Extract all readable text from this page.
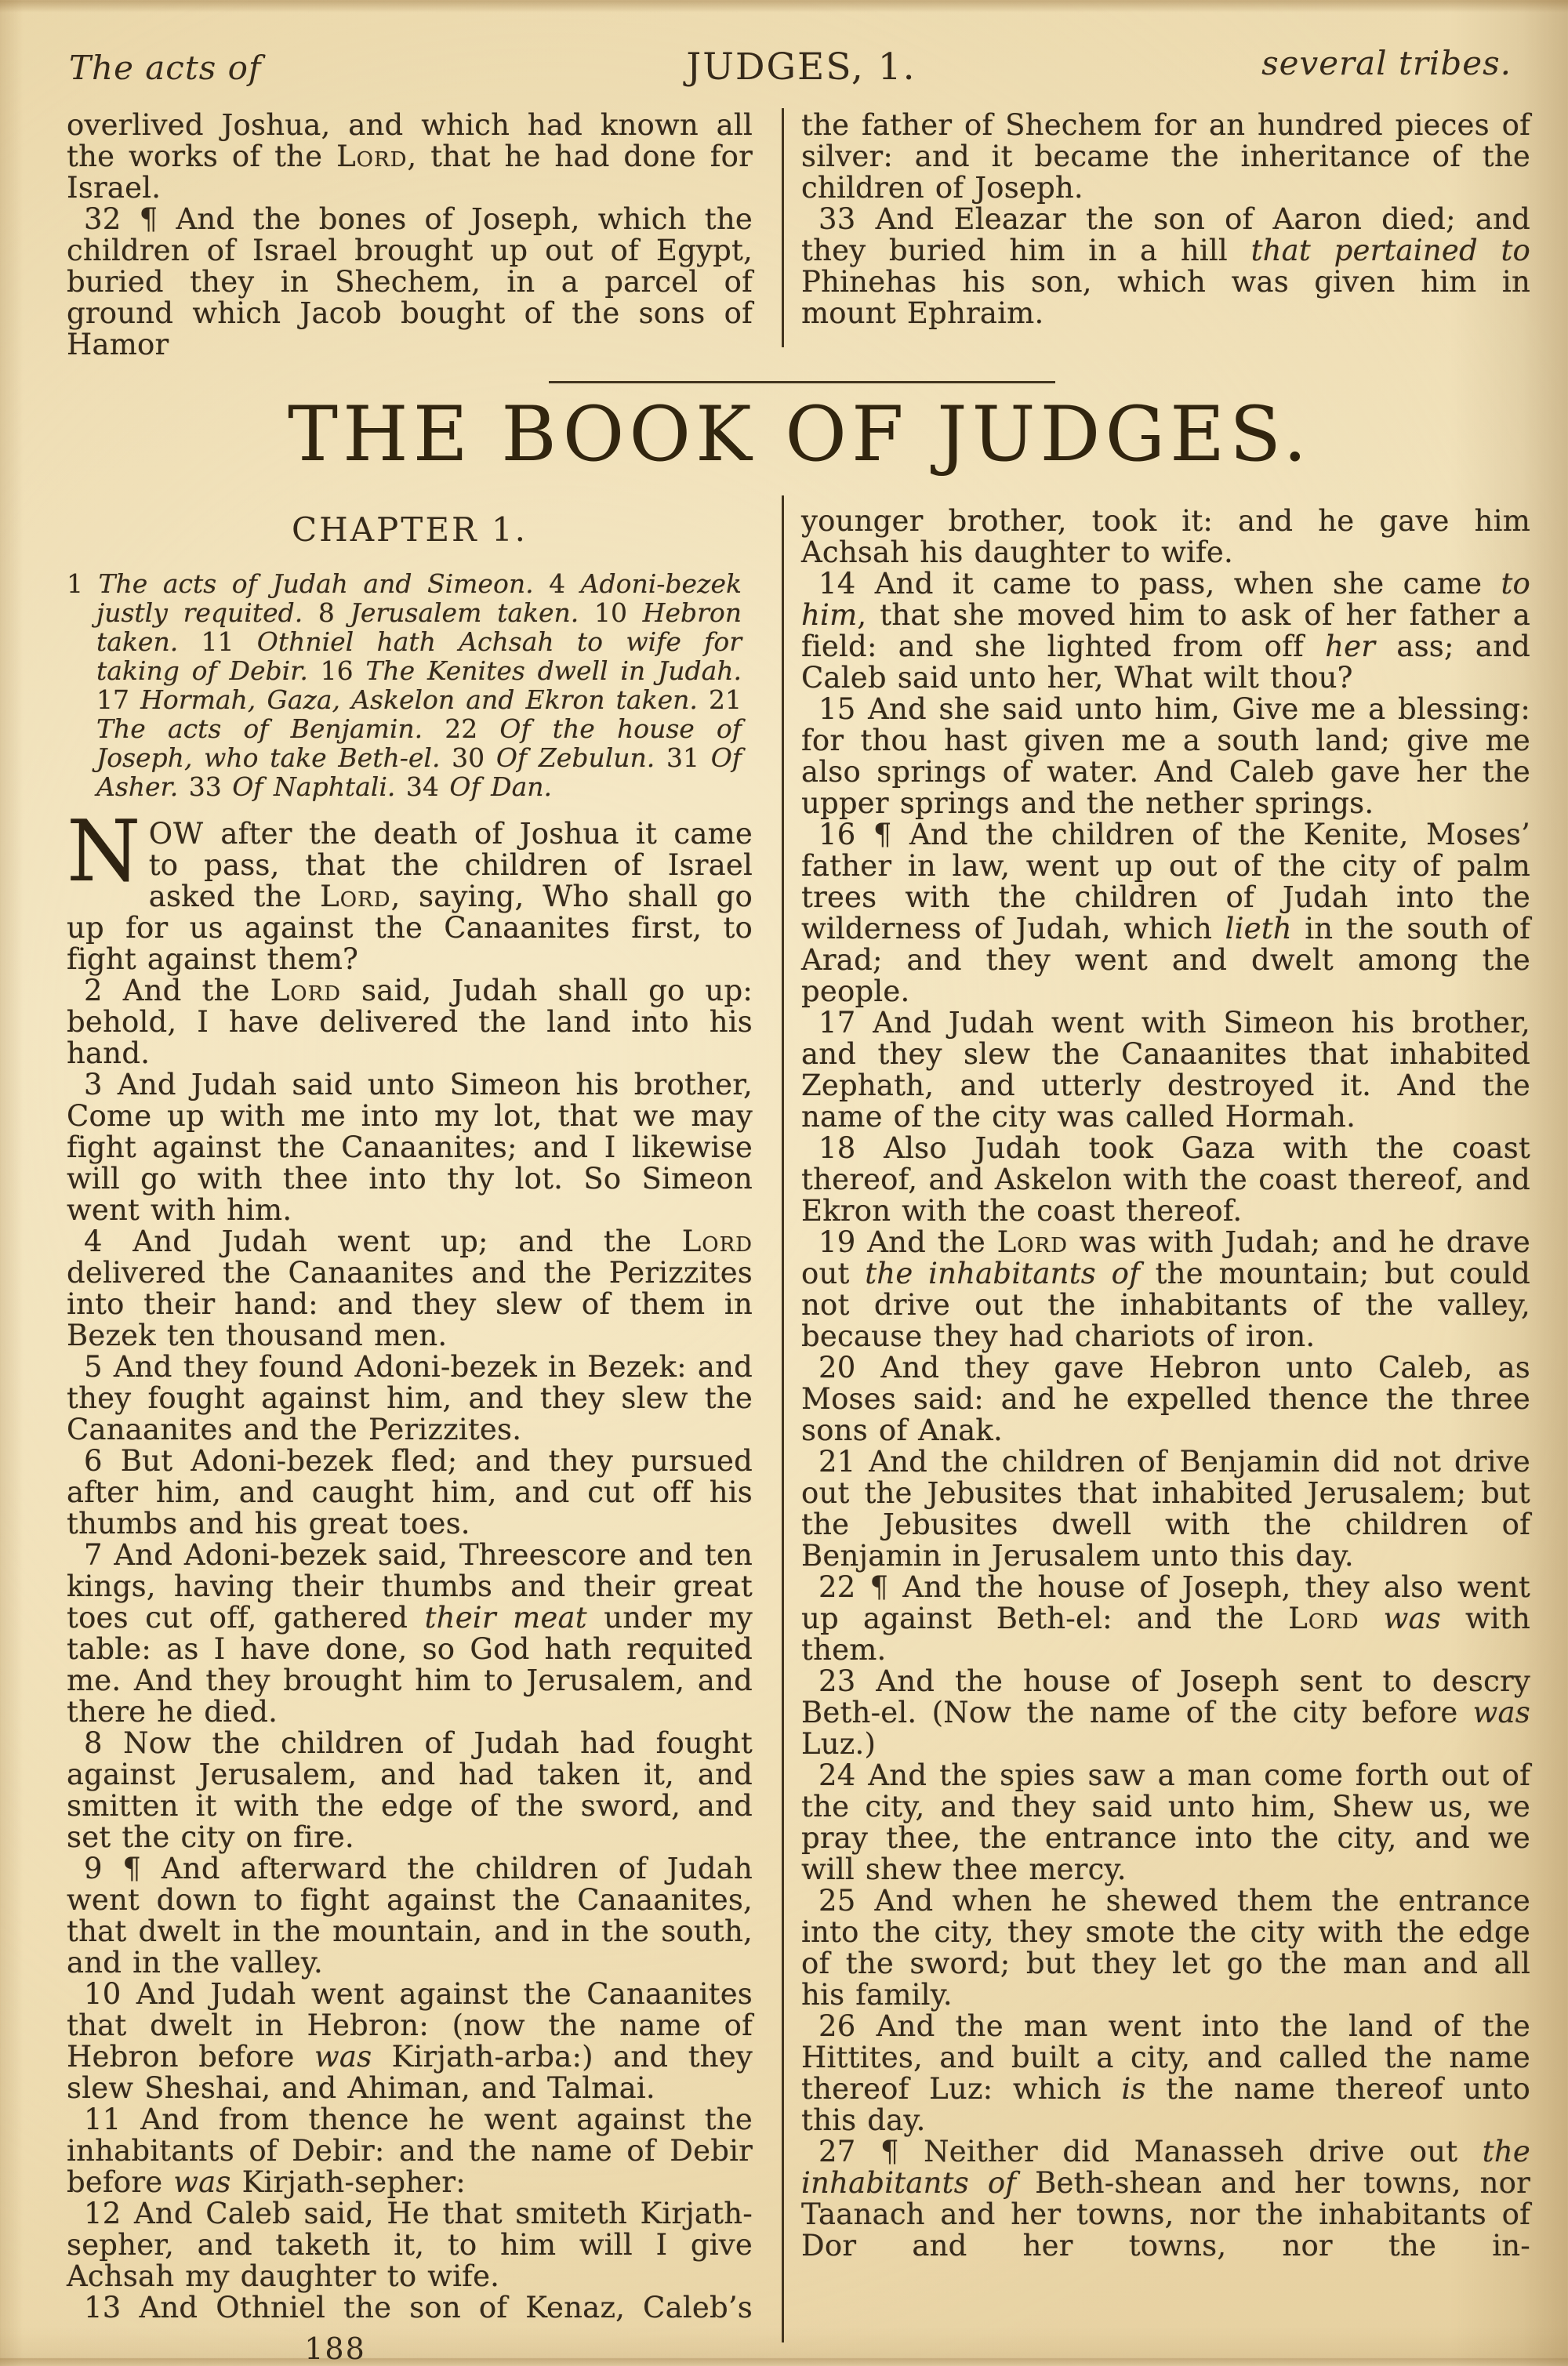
The acts of	JUDGES, 1.	several tribes.

overlived Joshua, and which had known all the works of the Lord, that he had done for Israel.

32 ¶ And the bones of Joseph, which the children of Israel brought up out of Egypt, buried they in Shechem, in a parcel of ground which Jacob bought of the sons of Hamor

the father of Shechem for an hundred pieces of silver: and it became the inheritance of the children of Joseph.

33 And Eleazar the son of Aaron died; and they buried him in a hill that pertained to Phinehas his son, which was given him in mount Ephraim.

THE BOOK OF JUDGES.
CHAPTER 1.

1 The acts of Judah and Simeon. 4 Adoni-bezek justly requited. 8 Jerusalem taken. 10 Hebron taken. 11 Othniel hath Achsah to wife for taking of Debir. 16 The Kenites dwell in Judah. 17 Hormah, Gaza, Askelon and Ekron taken. 21 The acts of Benjamin. 22 Of the house of Joseph, who take Beth-el. 30 Of Zebulun. 31 Of Asher. 33 Of Naphtali. 34 Of Dan.

NOW after the death of Joshua it came to pass, that the children of Israel asked the Lord, saying, Who shall go up for us against the Canaanites first, to fight against them?

2 And the Lord said, Judah shall go up: behold, I have delivered the land into his hand.

3 And Judah said unto Simeon his brother, Come up with me into my lot, that we may fight against the Canaanites; and I likewise will go with thee into thy lot. So Simeon went with him.

4 And Judah went up; and the Lord delivered the Canaanites and the Perizzites into their hand: and they slew of them in Bezek ten thousand men.

5 And they found Adoni-bezek in Bezek: and they fought against him, and they slew the Canaanites and the Perizzites.

6 But Adoni-bezek fled; and they pursued after him, and caught him, and cut off his thumbs and his great toes.

7 And Adoni-bezek said, Threescore and ten kings, having their thumbs and their great toes cut off, gathered their meat under my table: as I have done, so God hath requited me. And they brought him to Jerusalem, and there he died.

8 Now the children of Judah had fought against Jerusalem, and had taken it, and smitten it with the edge of the sword, and set the city on fire.

9 ¶ And afterward the children of Judah went down to fight against the Canaanites, that dwelt in the mountain, and in the south, and in the valley.

10 And Judah went against the Canaanites that dwelt in Hebron: (now the name of Hebron before was Kirjath-arba:) and they slew Sheshai, and Ahiman, and Talmai.

11 And from thence he went against the inhabitants of Debir: and the name of Debir before was Kirjath-sepher:

12 And Caleb said, He that smiteth Kirjath-sepher, and taketh it, to him will I give Achsah my daughter to wife.

13 And Othniel the son of Kenaz, Caleb’s

188

younger brother, took it: and he gave him Achsah his daughter to wife.

14 And it came to pass, when she came to him, that she moved him to ask of her father a field: and she lighted from off her ass; and Caleb said unto her, What wilt thou?

15 And she said unto him, Give me a blessing: for thou hast given me a south land; give me also springs of water. And Caleb gave her the upper springs and the nether springs.

16 ¶ And the children of the Kenite, Moses’ father in law, went up out of the city of palm trees with the children of Judah into the wilderness of Judah, which lieth in the south of Arad; and they went and dwelt among the people.

17 And Judah went with Simeon his brother, and they slew the Canaanites that inhabited Zephath, and utterly destroyed it. And the name of the city was called Hormah.

18 Also Judah took Gaza with the coast thereof, and Askelon with the coast thereof, and Ekron with the coast thereof.

19 And the Lord was with Judah; and he drave out the inhabitants of the mountain; but could not drive out the inhabitants of the valley, because they had chariots of iron.

20 And they gave Hebron unto Caleb, as Moses said: and he expelled thence the three sons of Anak.

21 And the children of Benjamin did not drive out the Jebusites that inhabited Jerusalem; but the Jebusites dwell with the children of Benjamin in Jerusalem unto this day.

22 ¶ And the house of Joseph, they also went up against Beth-el: and the Lord was with them.

23 And the house of Joseph sent to descry Beth-el. (Now the name of the city before was Luz.)

24 And the spies saw a man come forth out of the city, and they said unto him, Shew us, we pray thee, the entrance into the city, and we will shew thee mercy.

25 And when he shewed them the entrance into the city, they smote the city with the edge of the sword; but they let go the man and all his family.

26 And the man went into the land of the Hittites, and built a city, and called the name thereof Luz: which is the name thereof unto this day.

27 ¶ Neither did Manasseh drive out the inhabitants of Beth-shean and her towns, nor Taanach and her towns, nor the inhabitants of Dor and her towns, nor the in-
